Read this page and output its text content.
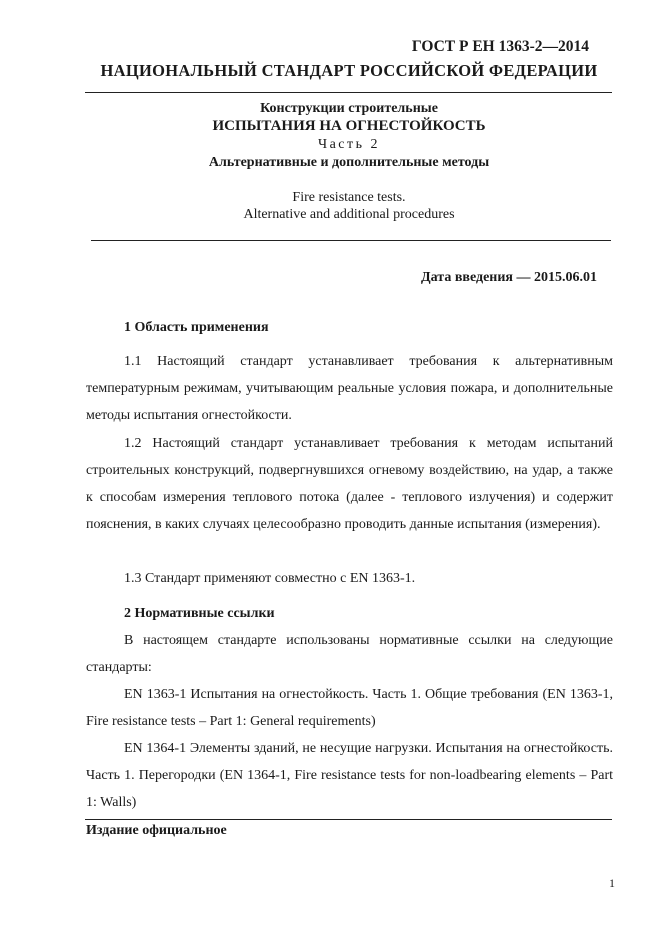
ГОСТ Р ЕН 1363-2—2014
НАЦИОНАЛЬНЫЙ СТАНДАРТ РОССИЙСКОЙ ФЕДЕРАЦИИ
Конструкции строительные
ИСПЫТАНИЯ НА ОГНЕСТОЙКОСТЬ
Часть 2
Альтернативные и дополнительные методы
Fire resistance tests.
Alternative and additional procedures
Дата введения — 2015.06.01
1 Область применения
1.1 Настоящий стандарт устанавливает требования к альтернативным температурным режимам, учитывающим реальные условия пожара, и дополнительные методы испытания огнестойкости.
1.2 Настоящий стандарт устанавливает требования к методам испытаний строительных конструкций, подвергнувшихся огневому воздействию, на удар, а также к способам измерения теплового потока (далее - теплового излучения) и содержит пояснения, в каких случаях целесообразно проводить данные испытания (измерения).
1.3 Стандарт применяют совместно с EN 1363-1.
2 Нормативные ссылки
В настоящем стандарте использованы нормативные ссылки на следующие стандарты:
EN 1363-1 Испытания на огнестойкость. Часть 1. Общие требования (EN 1363-1, Fire resistance tests – Part 1: General requirements)
EN 1364-1 Элементы зданий, не несущие нагрузки. Испытания на огнестойкость. Часть 1. Перегородки (EN 1364-1, Fire resistance tests for non-loadbearing elements – Part 1: Walls)
Издание официальное
1
